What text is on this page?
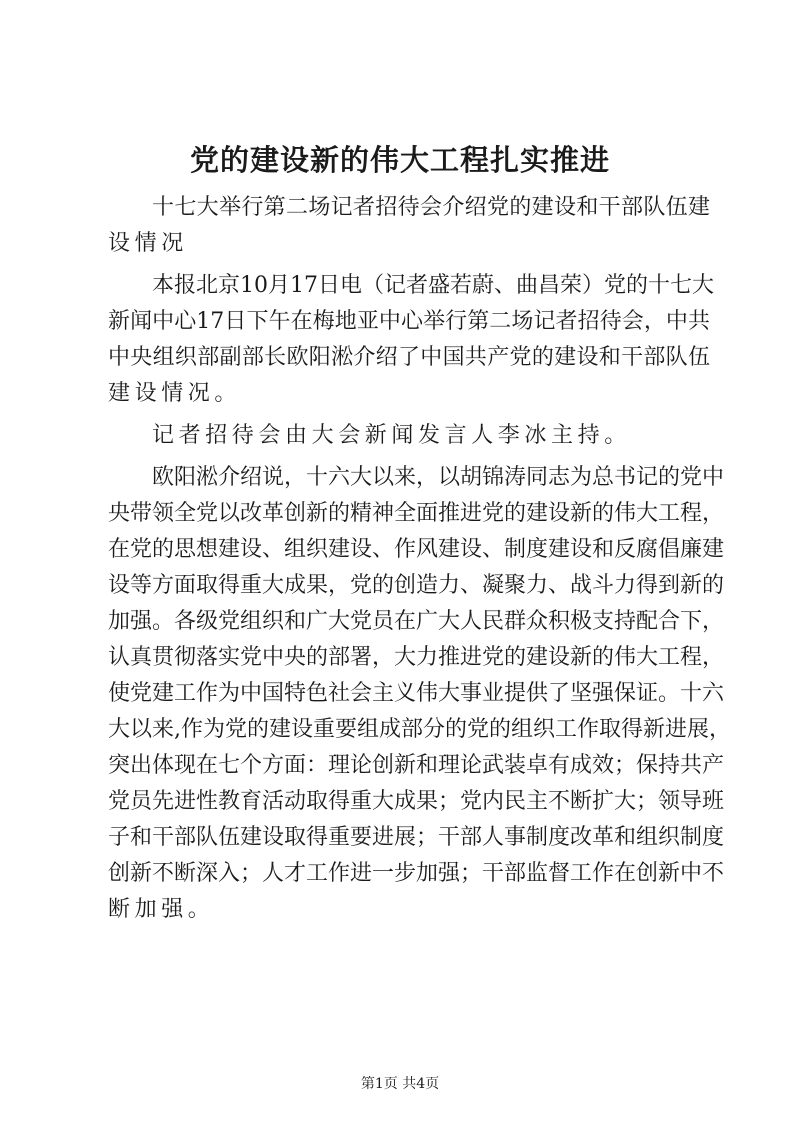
党的建设新的伟大工程扎实推进
十七大举行第二场记者招待会介绍党的建设和干部队伍建
设情况
本报北京10月17日电（记者盛若蔚、曲昌荣）党的十七大
新闻中心17日下午在梅地亚中心举行第二场记者招待会，中共
中央组织部副部长欧阳淞介绍了中国共产党的建设和干部队伍
建设情况。
记者招待会由大会新闻发言人李冰主持。
欧阳淞介绍说，十六大以来，以胡锦涛同志为总书记的党中
央带领全党以改革创新的精神全面推进党的建设新的伟大工程，
在党的思想建设、组织建设、作风建设、制度建设和反腐倡廉建
设等方面取得重大成果，党的创造力、凝聚力、战斗力得到新的
加强。各级党组织和广大党员在广大人民群众积极支持配合下，
认真贯彻落实党中央的部署，大力推进党的建设新的伟大工程，
使党建工作为中国特色社会主义伟大事业提供了坚强保证。十六
大以来,作为党的建设重要组成部分的党的组织工作取得新进展，
突出体现在七个方面：理论创新和理论武装卓有成效；保持共产
党员先进性教育活动取得重大成果；党内民主不断扩大；领导班
子和干部队伍建设取得重要进展；干部人事制度改革和组织制度
创新不断深入；人才工作进一步加强；干部监督工作在创新中不
断加强。
第1页 共4页
